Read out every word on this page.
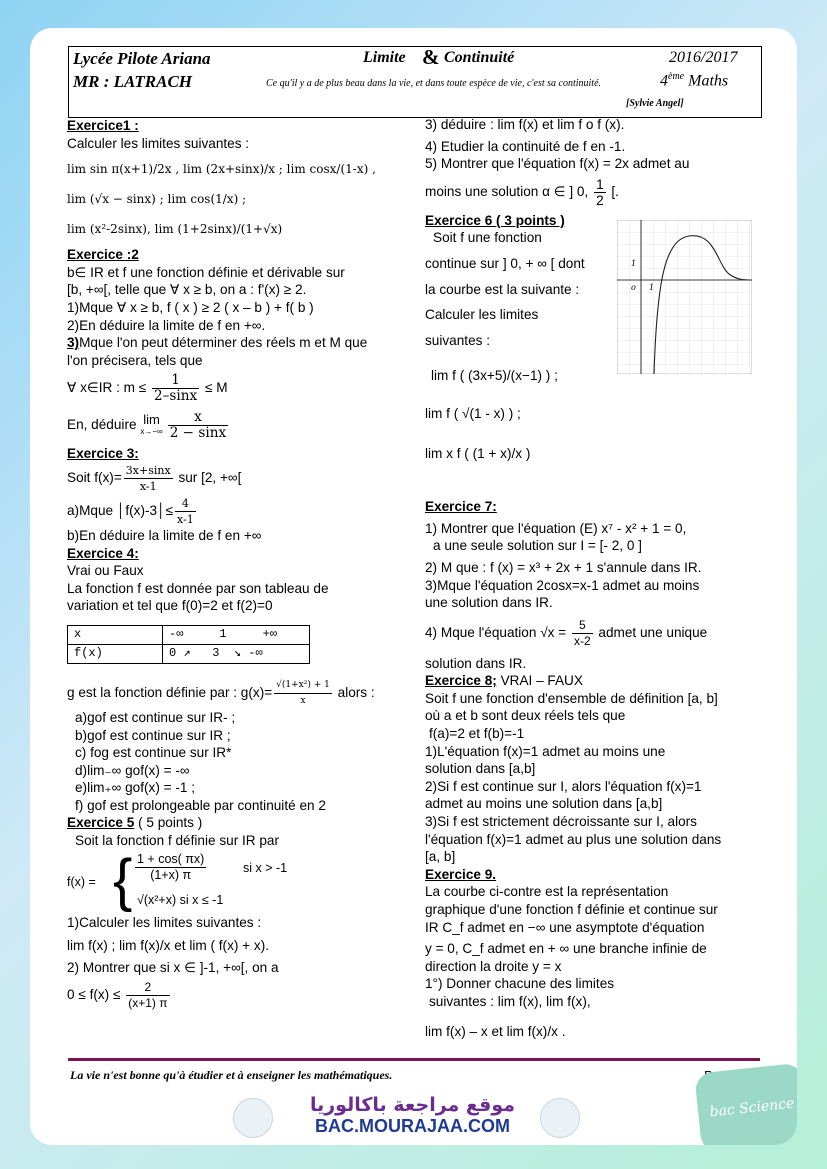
Lycée Pilote Ariana
MR : LATRACH
Limite & Continuité	2016/2017
Ce qu'il y a de plus beau dans la vie, et dans toute espèce de vie, c'est sa continuité.	4ème Maths
[Sylvie Angel]

Exercice1 :

Calculer les limites suivantes :

lim sin π(x+1)/2x , lim (2x+sinx)/x ; lim cosx/(1-x) ,

lim (√x − sinx) ; lim cos(1/x) ;

lim (x²-2sinx), lim (1+2sinx)/(1+√x)

Exercice :2

b∈ IR et f une fonction définie et dérivable sur

[b, +∞[, telle que ∀ x ≥ b, on a : f'(x) ≥ 2.

1)Mque ∀ x ≥ b, f ( x ) ≥ 2 ( x – b ) + f( b )

2)En déduire la limite de f en +∞.

3)Mque l'on peut déterminer des réels m et M que

l'on précisera, tels que

∀ x∈IR : $m \le \frac{1}{2-\sin x} \le M$

En, déduire lim
$x\to-\infty \frac{x}{2 - \sin x}$

Exercice 3:

Soit $f(x)= \frac{3x+\sin x}{x-1}$ sur [2, +∞[

a)Mque │f(x)-3│≤ $\frac{4}{x-1}$

b)En déduire la limite de f en +∞

Exercice 4:

Vrai ou Faux

La fonction f est donnée par son tableau de

variation et tel que f(0)=2 et f(2)=0

x	-∞ 1 +∞
f(x)	0 ↗ 3 ↘ -∞

g est la fonction définie par : $g(x)= \frac{\text{√(1+x²) + 1}}{x}$ alors :

a)gof est continue sur IR- ;

b)gof est continue sur IR ;

c) fog est continue sur IR*

d)lim₋∞ gof(x) = -∞

e)lim₊∞ gof(x) = -1 ;

f) gof est prolongeable par continuité en 2

Exercice 5 ( 5 points )

Soit la fonction f définie sur IR par

f(x) = { $\frac{1 + \cos( \pi x)}{(1+x) \pi}$	si x > -1
√(x²+x) si x ≤ -1

1)Calculer les limites suivantes :

lim f(x) ; lim f(x)/x et lim ( f(x) + x).

2) Montrer que si x ∈ ]-1, +∞[, on a

$0 \le f(x) \le \frac{2}{(x+1) \pi}$

3) déduire : lim f(x) et lim f o f (x).

4) Etudier la continuité de f en -1.

5) Montrer que l'équation f(x) = 2x admet au

moins une solution α ∈ ] 0, $\frac{1}{2}$ [.

Exercice 6 ( 3 points )

Soit f une fonction

continue sur ] 0, + ∞ [ dont

la courbe est la suivante :

Calculer les limites

suivantes :

lim f ( (3x+5)/(x−1) ) ;

lim f ( √(1 - x) ) ;

lim x f ( (1 + x)/x )

Exercice 7:

1) Montrer que l'équation (E) x⁷ - x² + 1 = 0,

a une seule solution sur I = [- 2, 0 ]

2) M que : f (x) = x³ + 2x + 1 s'annule dans IR.

3)Mque l'équation 2cosx=x-1 admet au moins

une solution dans IR.

4) Mque l'équation $√x = \frac{5}{x-2}$ admet une unique

solution dans IR.

Exercice 8; VRAI – FAUX

Soit f une fonction d'ensemble de définition [a, b]

où a et b sont deux réels tels que

f(a)=2 et f(b)=-1

1)L'équation f(x)=1 admet au moins une

solution dans [a,b]

2)Si f est continue sur I, alors l'équation f(x)=1

admet au moins une solution dans [a,b]

3)Si f est strictement décroissante sur I, alors

l'équation f(x)=1 admet au plus une solution dans

[a, b]

Exercice 9.

La courbe ci-contre est la représentation

graphique d'une fonction f définie et continue sur

IR C_f admet en −∞ une asymptote d'équation

y = 0, C_f admet en + ∞ une branche infinie de

direction la droite y = x

1°) Donner chacune des limites

suivantes : lim f(x), lim f(x),

lim f(x) – x et lim f(x)/x .

1
o 1
La vie n'est bonne qu'à étudier et à enseigner les mathématiques.
موقع مراجعة باكالوريا
BAC.MOURAJAA.COM
bac Science
